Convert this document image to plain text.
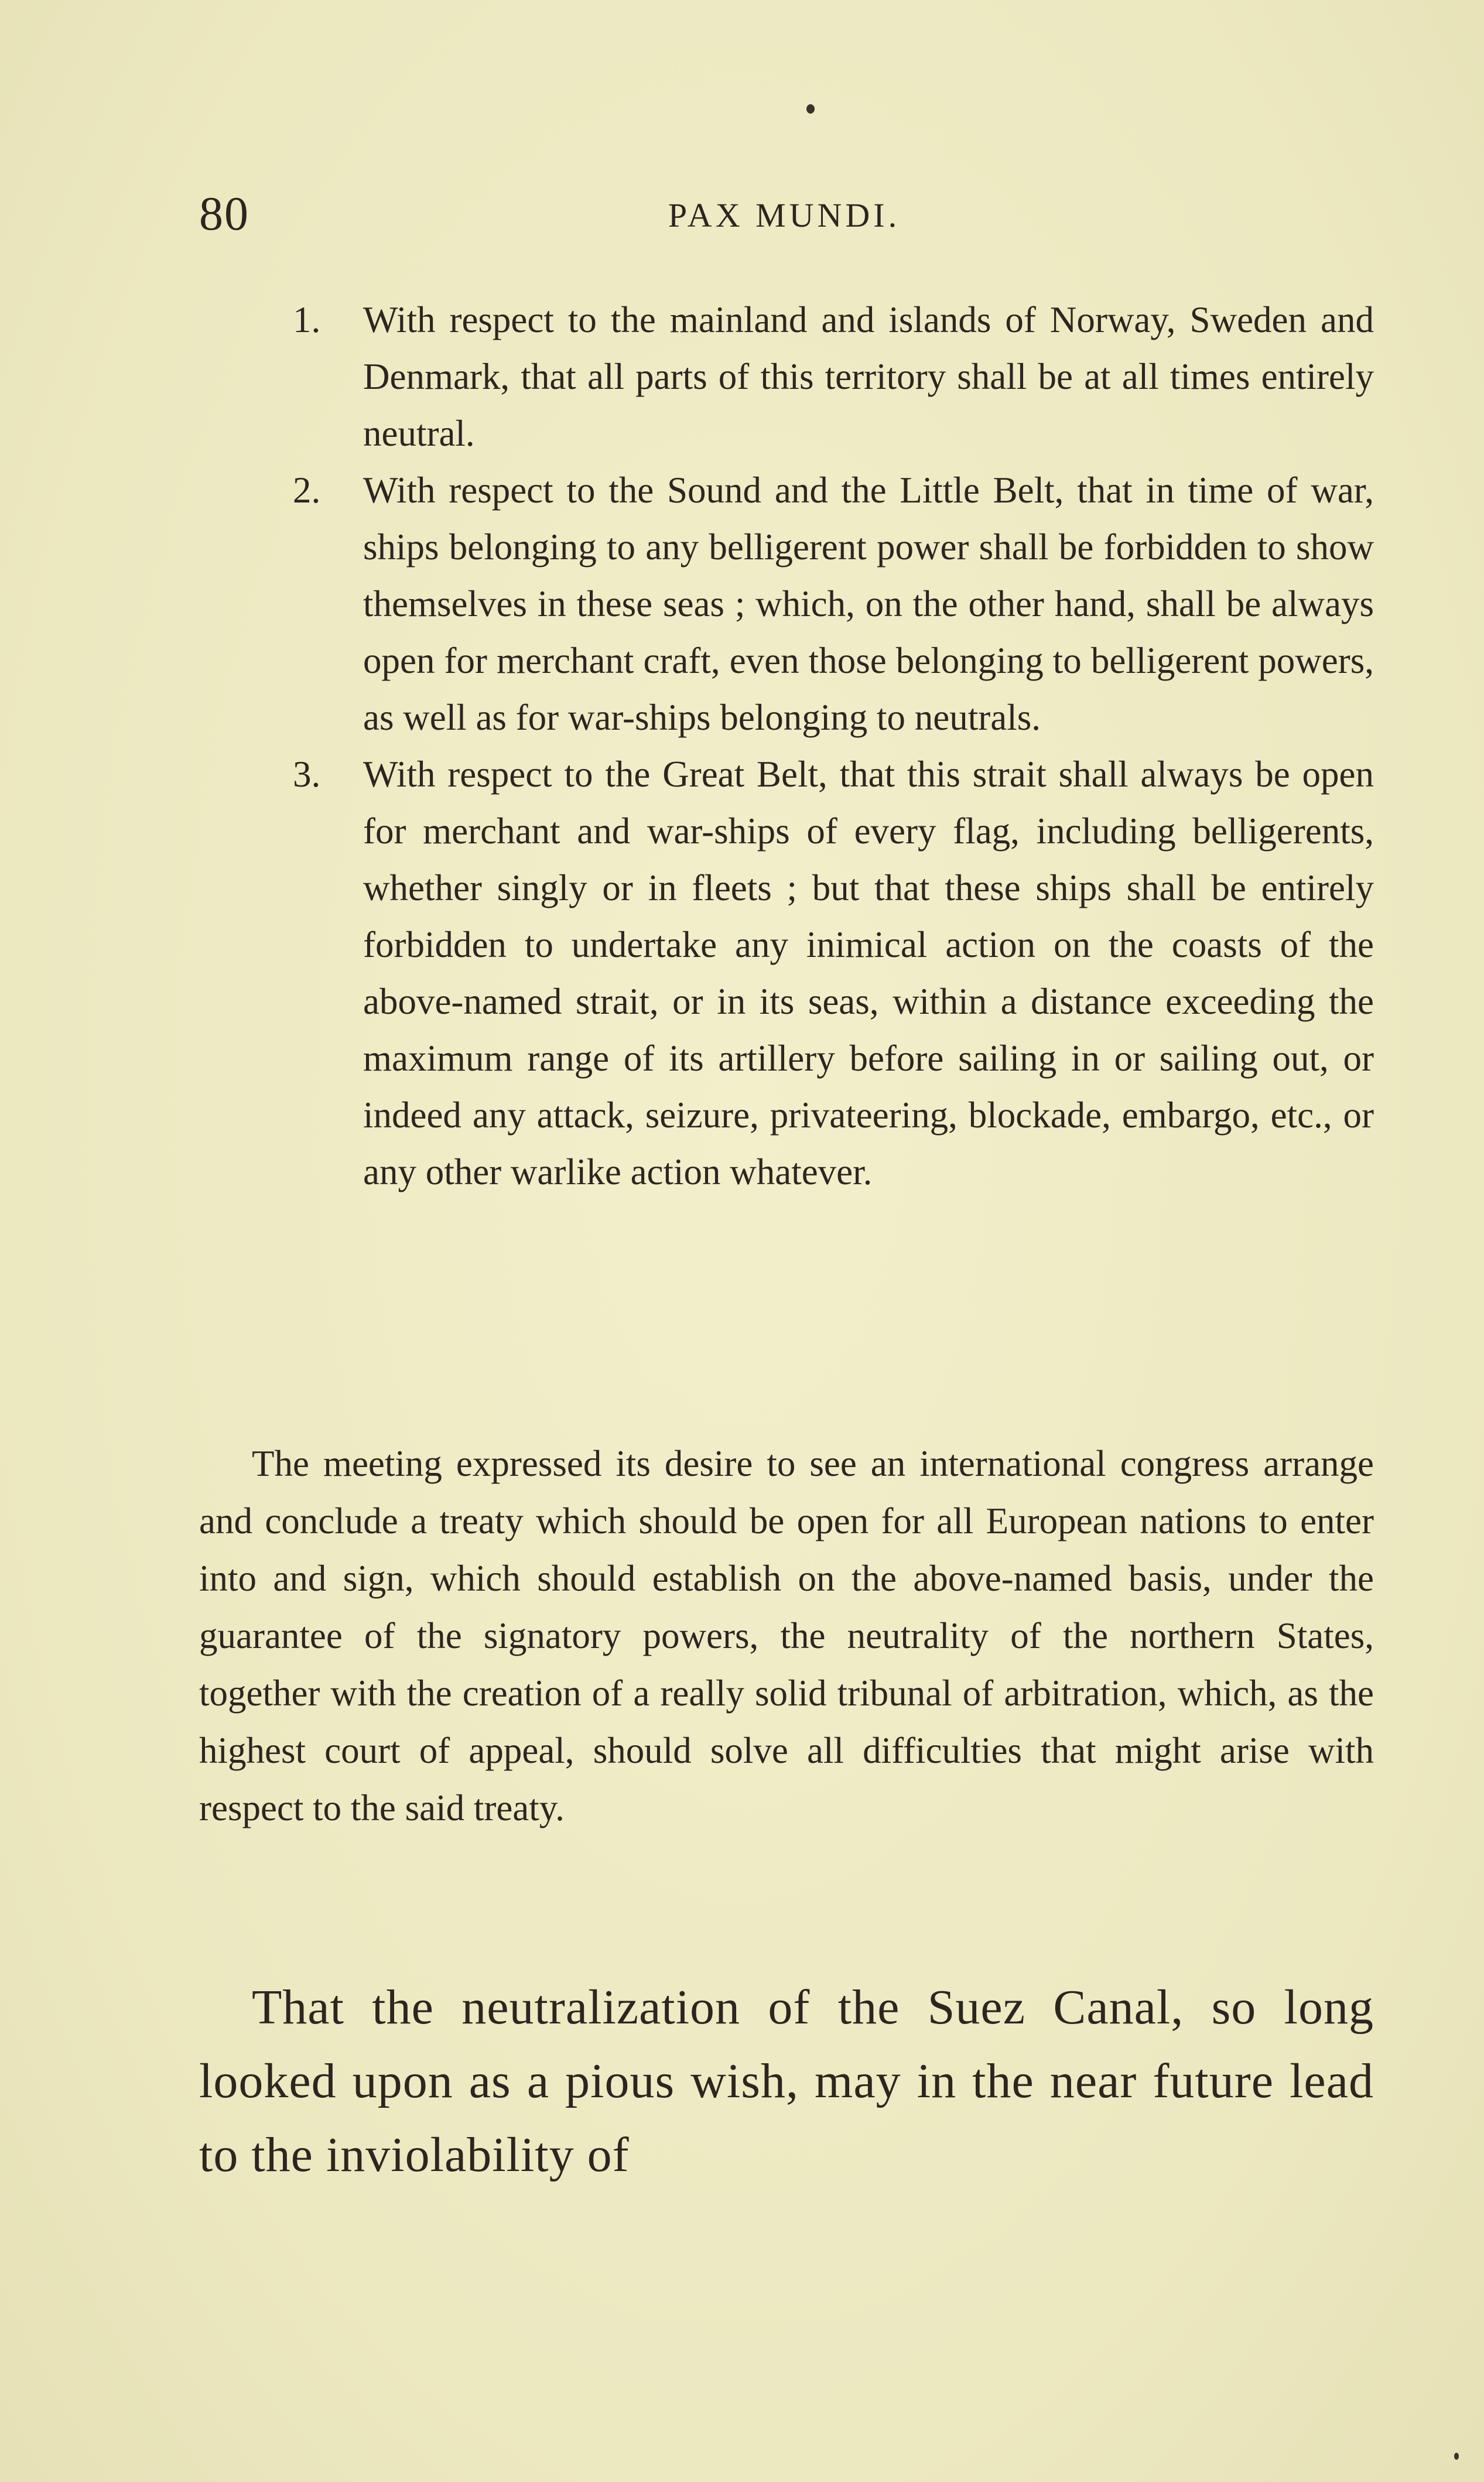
80	PAX MUNDI.
1.	With respect to the mainland and islands of Norway, Sweden and Denmark, that all parts of this territory shall be at all times entirely neutral.
2.	With respect to the Sound and the Little Belt, that in time of war, ships belonging to any belligerent power shall be forbidden to show themselves in these seas ; which, on the other hand, shall be always open for merchant craft, even those belonging to belligerent powers, as well as for war-ships belonging to neutrals.
3.	With respect to the Great Belt, that this strait shall always be open for merchant and war-ships of every flag, including belligerents, whether singly or in fleets ; but that these ships shall be entirely forbidden to undertake any inimical action on the coasts of the above-named strait, or in its seas, within a distance exceeding the maximum range of its artillery before sailing in or sailing out, or indeed any attack, seizure, privateering, blockade, embargo, etc., or any other warlike action whatever.

The meeting expressed its desire to see an international congress arrange and conclude a treaty which should be open for all European nations to enter into and sign, which should establish on the above-named basis, under the guarantee of the signatory powers, the neutrality of the northern States, together with the creation of a really solid tribunal of arbitration, which, as the highest court of appeal, should solve all difficulties that might arise with respect to the said treaty.

That the neutralization of the Suez Canal, so long looked upon as a pious wish, may in the near future lead to the inviolability of
